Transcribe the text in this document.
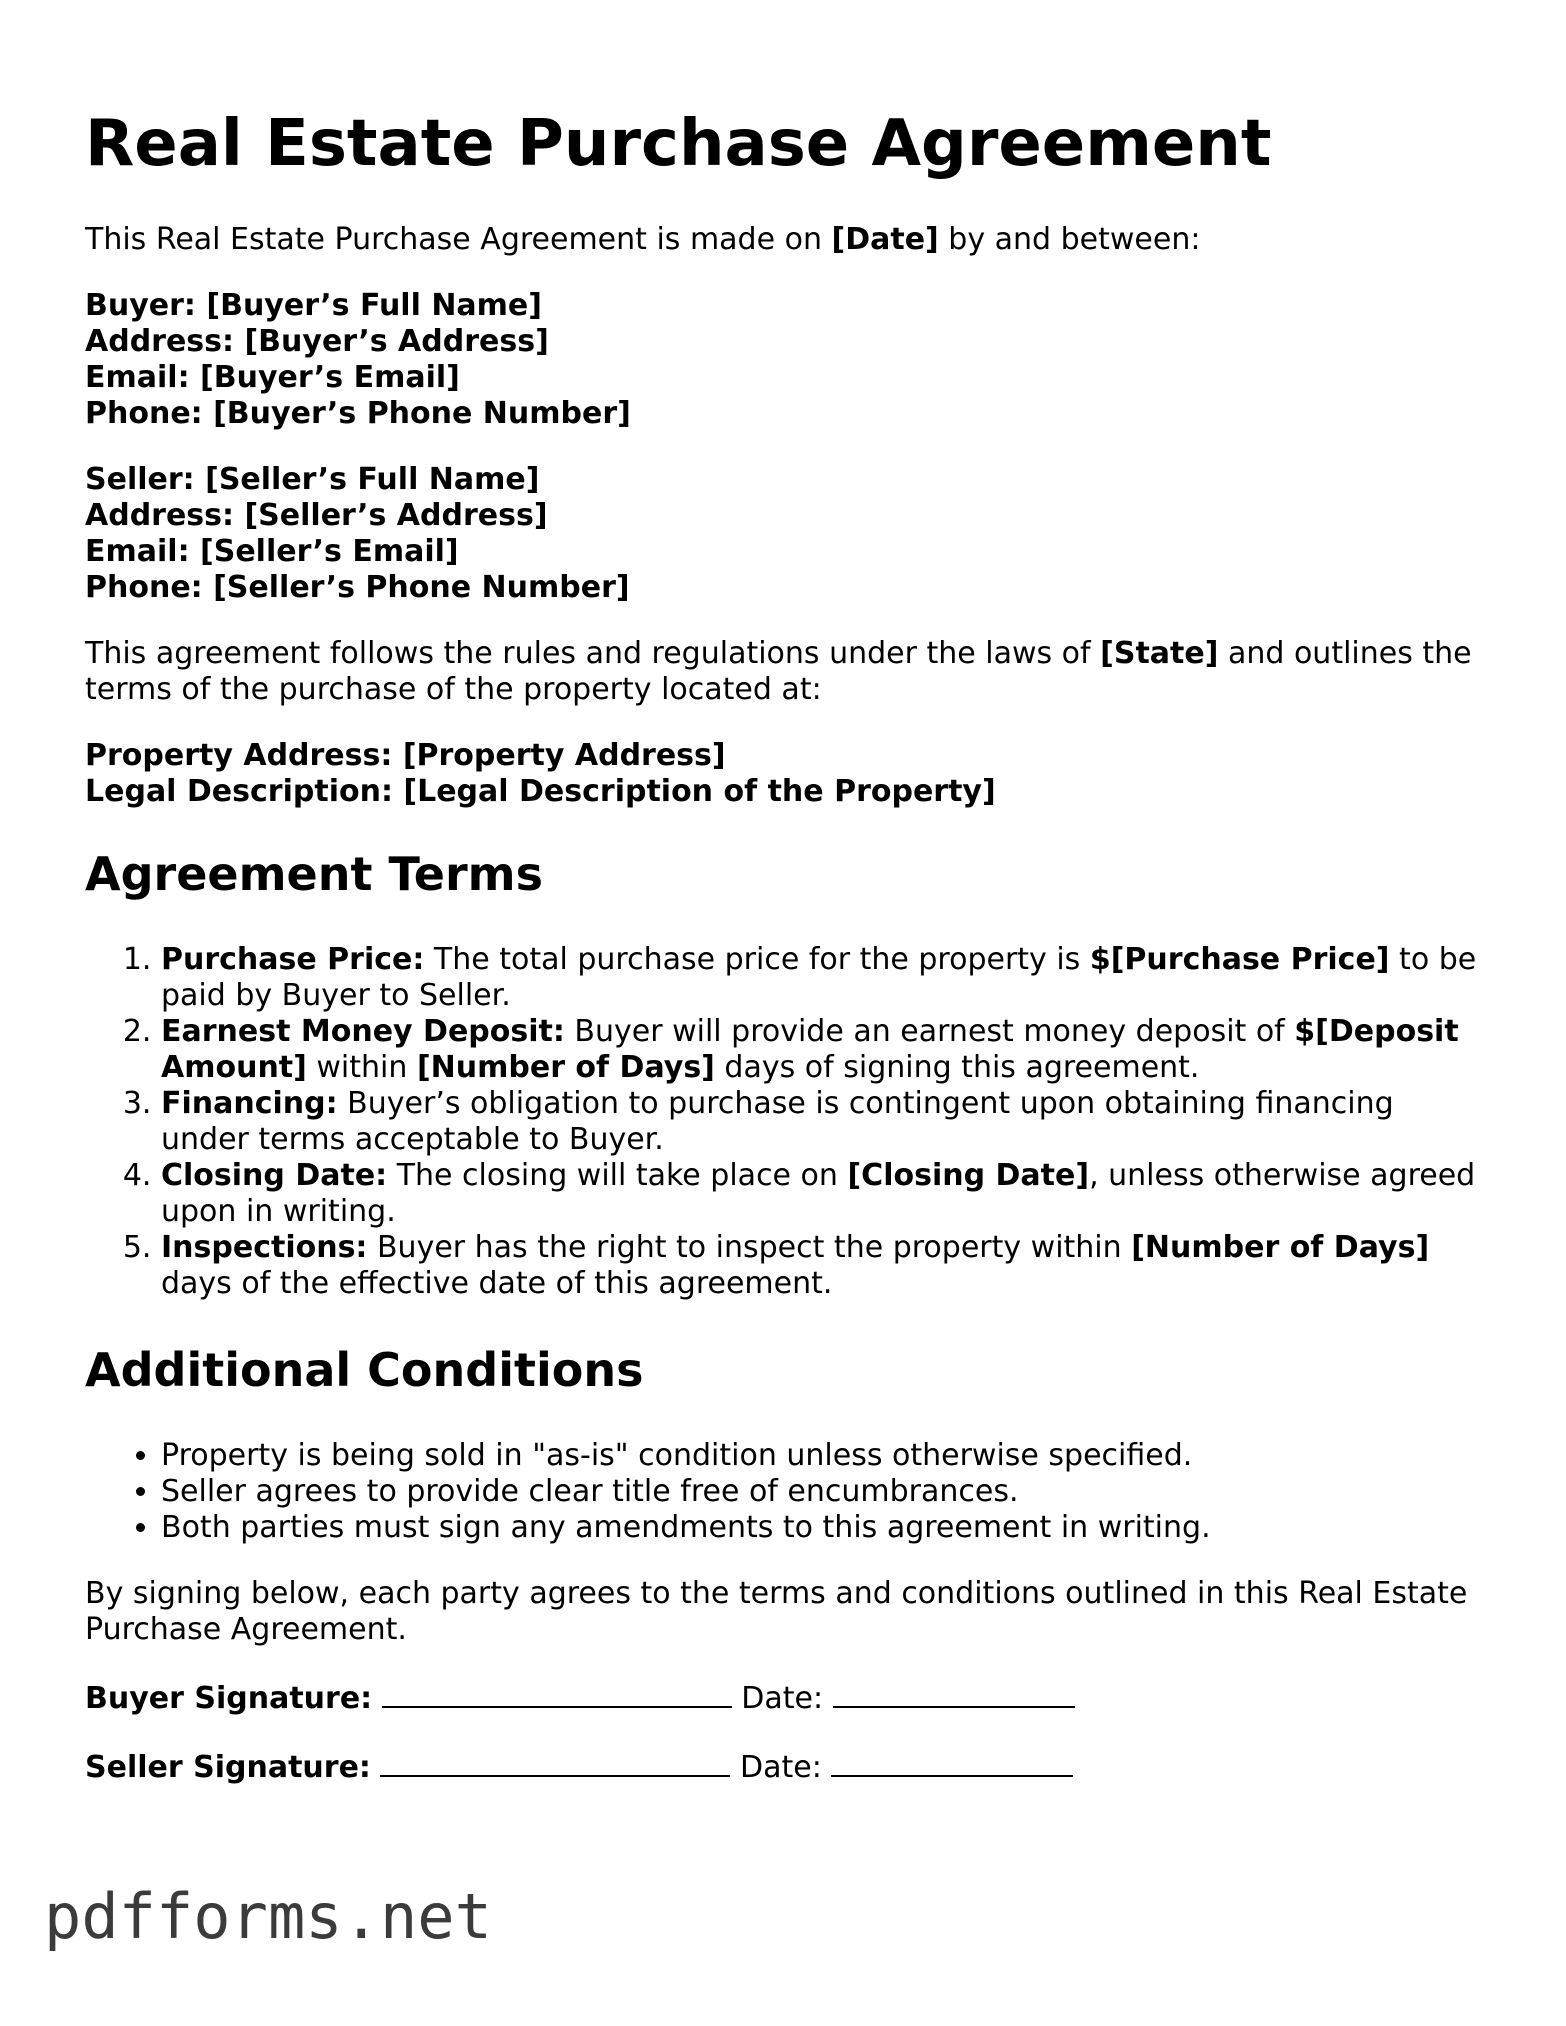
Real Estate Purchase Agreement

This Real Estate Purchase Agreement is made on [Date] by and between:

Buyer: [Buyer’s Full Name]
Address: [Buyer’s Address]
Email: [Buyer’s Email]
Phone: [Buyer’s Phone Number]
Seller: [Seller’s Full Name]
Address: [Seller’s Address]
Email: [Seller’s Email]
Phone: [Seller’s Phone Number]

This agreement follows the rules and regulations under the laws of [State] and outlines the terms of the purchase of the property located at:

Property Address: [Property Address]
Legal Description: [Legal Description of the Property]
Agreement Terms
1. Purchase Price: The total purchase price for the property is $[Purchase Price] to be paid by Buyer to Seller.
2. Earnest Money Deposit: Buyer will provide an earnest money deposit of $[Deposit Amount] within [Number of Days] days of signing this agreement.
3. Financing: Buyer’s obligation to purchase is contingent upon obtaining financing under terms acceptable to Buyer.
4. Closing Date: The closing will take place on [Closing Date], unless otherwise agreed upon in writing.
5. Inspections: Buyer has the right to inspect the property within [Number of Days] days of the effective date of this agreement.
Additional Conditions
• Property is being sold in "as-is" condition unless otherwise specified.
• Seller agrees to provide clear title free of encumbrances.
• Both parties must sign any amendments to this agreement in writing.

By signing below, each party agrees to the terms and conditions outlined in this Real Estate Purchase Agreement.

Buyer Signature:	Date:
Seller Signature:	Date:
pdfforms.net
